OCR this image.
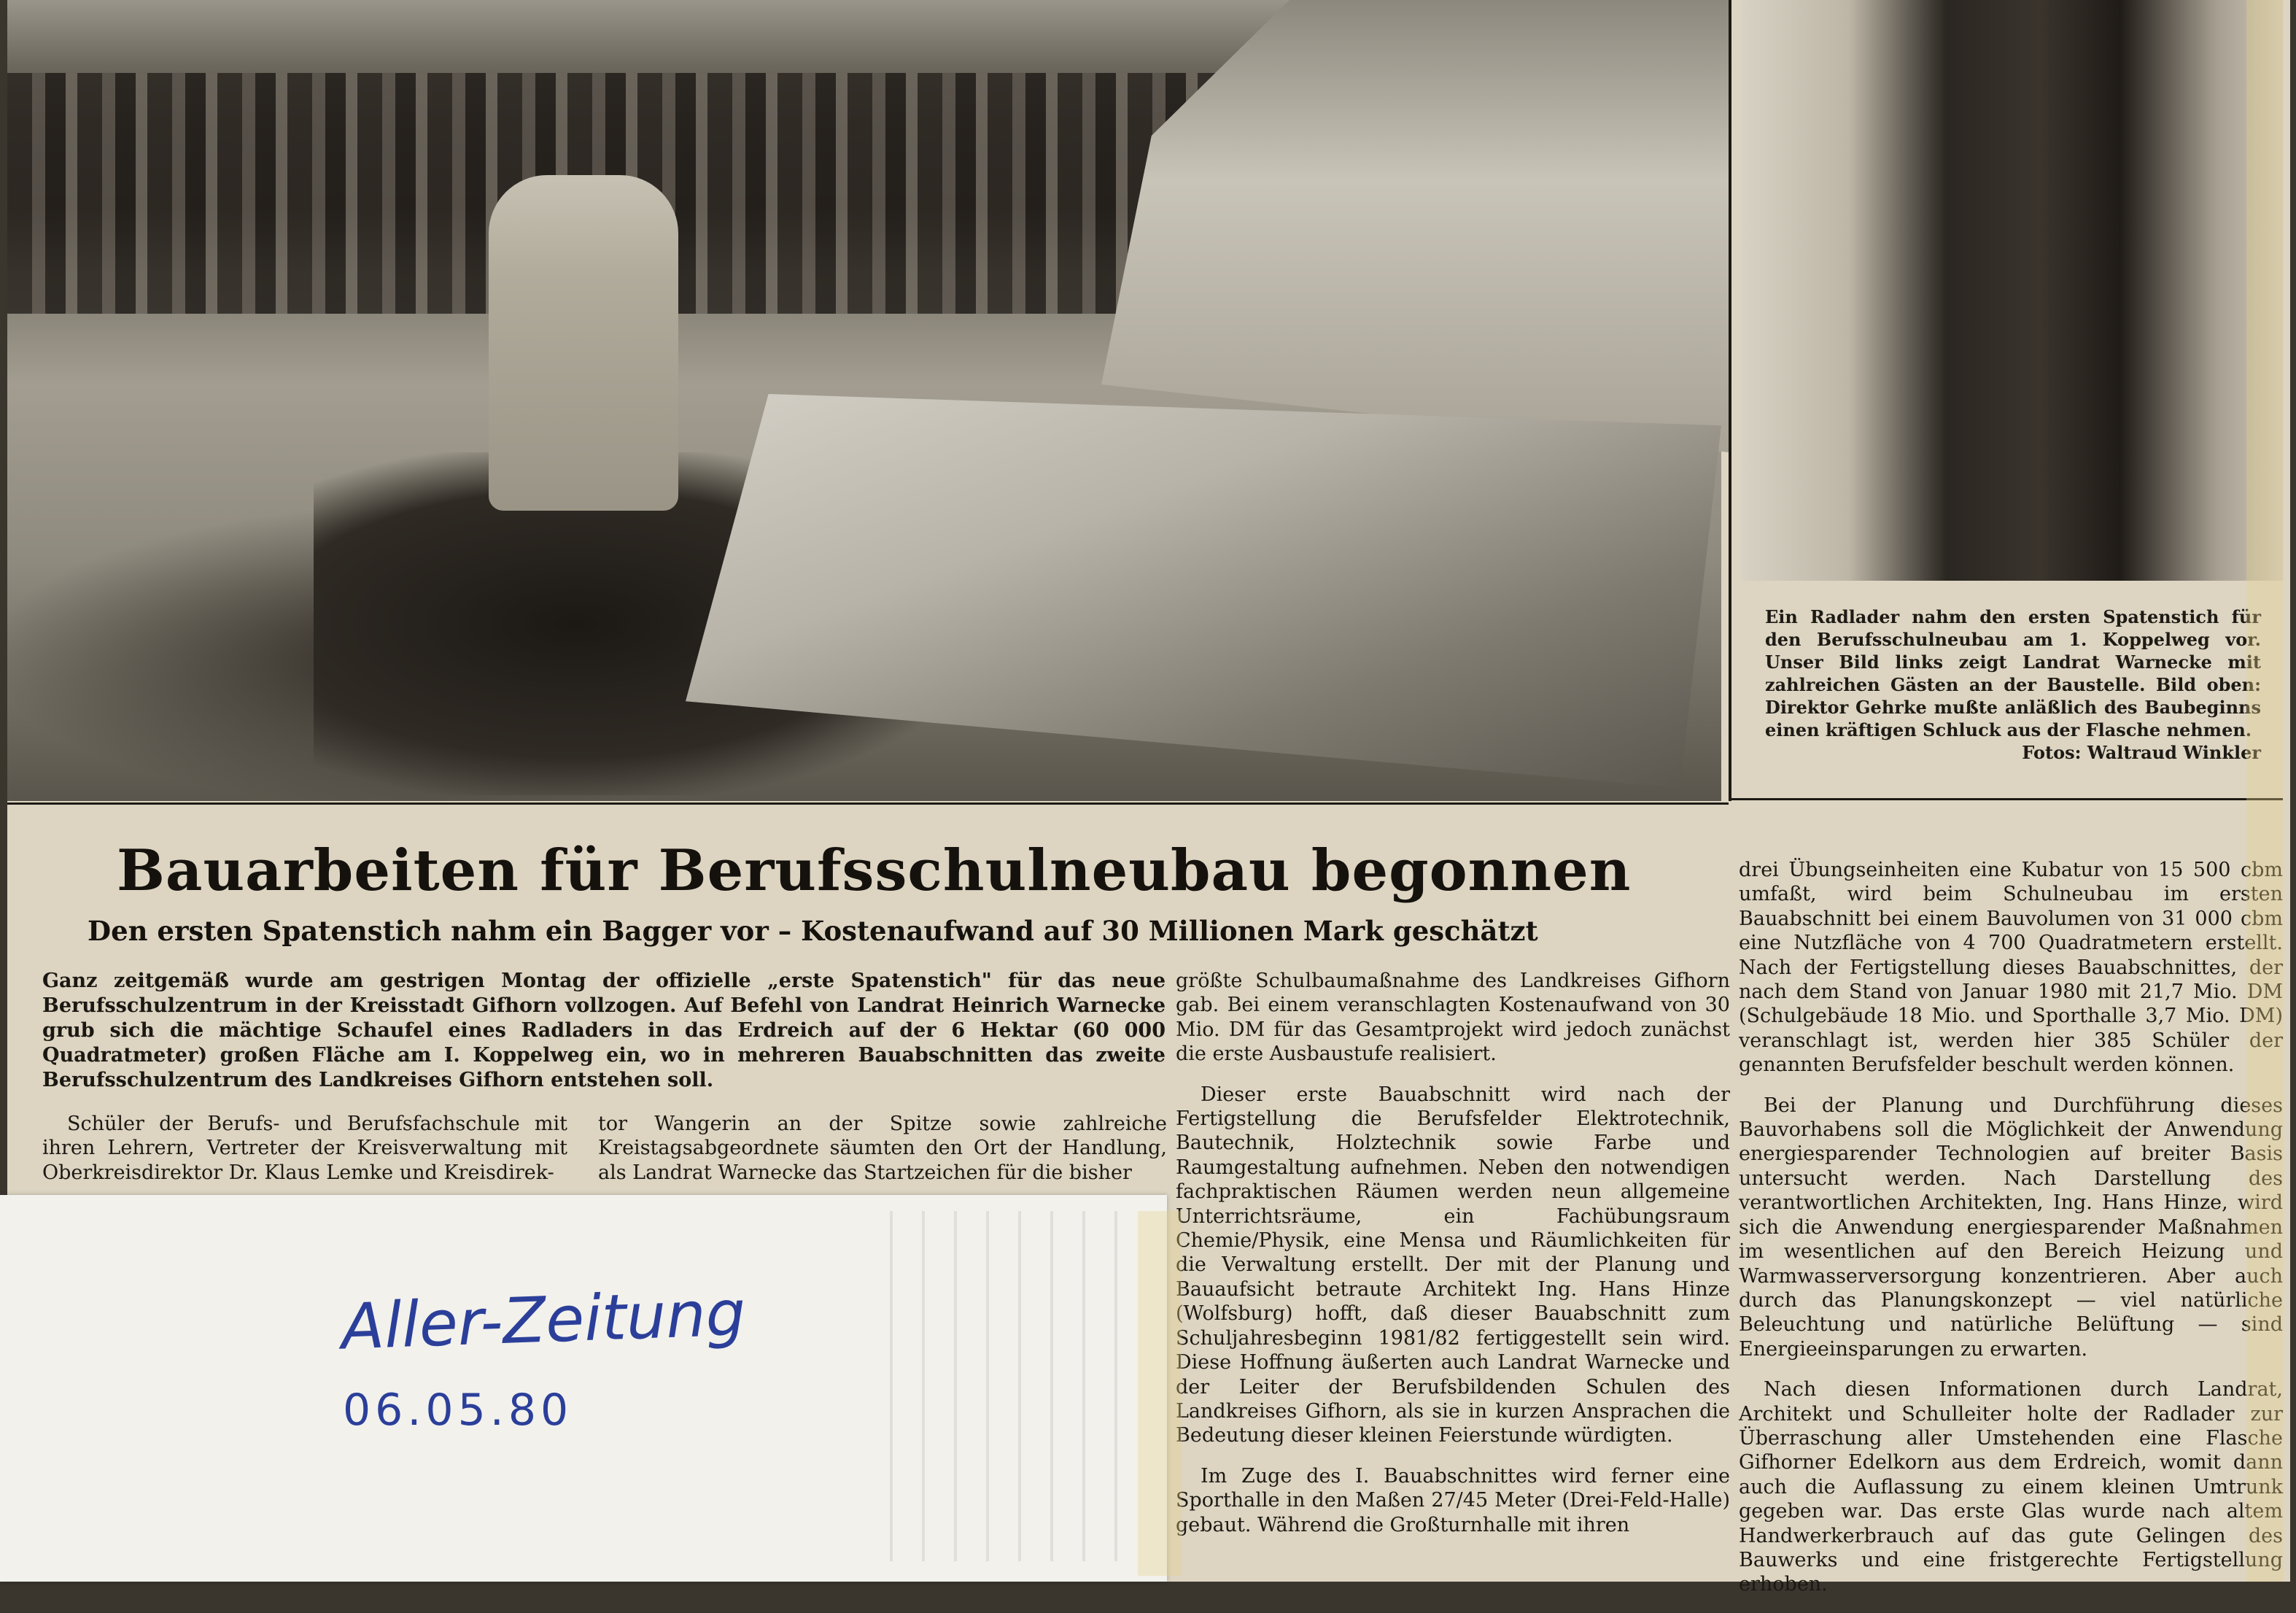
Ein Radlader nahm den ersten Spatenstich für den Berufsschulneubau am 1. Koppelweg vor. Unser Bild links zeigt Landrat Warnecke mit zahlreichen Gästen an der Baustelle. Bild oben: Direktor Gehrke mußte anläßlich des Baubeginns einen kräftigen Schluck aus der Flasche nehmen.
Fotos: Waltraud Winkler
Bauarbeiten für Berufsschulneubau begonnen
Den ersten Spatenstich nahm ein Bagger vor – Kostenaufwand auf 30 Millionen Mark geschätzt
Ganz zeitgemäß wurde am gestrigen Montag der offizielle „erste Spatenstich" für das neue Berufsschulzentrum in der Kreisstadt Gifhorn vollzogen. Auf Befehl von Landrat Heinrich Warnecke grub sich die mächtige Schaufel eines Radladers in das Erdreich auf der 6 Hektar (60 000 Quadratmeter) großen Fläche am I. Koppelweg ein, wo in mehreren Bauabschnitten das zweite Berufsschulzentrum des Landkreises Gifhorn entstehen soll.

Schüler der Berufs- und Berufsfachschule mit ihren Lehrern, Vertreter der Kreisverwaltung mit Oberkreisdirektor Dr. Klaus Lemke und Kreisdirek-

tor Wangerin an der Spitze sowie zahlreiche Kreistagsabgeordnete säumten den Ort der Handlung, als Landrat Warnecke das Startzeichen für die bisher

größte Schulbaumaßnahme des Landkreises Gifhorn gab. Bei einem veranschlagten Kostenaufwand von 30 Mio. DM für das Gesamtprojekt wird jedoch zunächst die erste Ausbaustufe realisiert.

Dieser erste Bauabschnitt wird nach der Fertigstellung die Berufsfelder Elektrotechnik, Bautechnik, Holztechnik sowie Farbe und Raumgestaltung aufnehmen. Neben den notwendigen fachpraktischen Räumen werden neun allgemeine Unterrichtsräume, ein Fachübungsraum Chemie/Physik, eine Mensa und Räumlichkeiten für die Verwaltung erstellt. Der mit der Planung und Bauaufsicht betraute Architekt Ing. Hans Hinze (Wolfsburg) hofft, daß dieser Bauabschnitt zum Schuljahresbeginn 1981/82 fertiggestellt sein wird. Diese Hoffnung äußerten auch Landrat Warnecke und der Leiter der Berufsbildenden Schulen des Landkreises Gifhorn, als sie in kurzen Ansprachen die Bedeutung dieser kleinen Feierstunde würdigten.

Im Zuge des I. Bauabschnittes wird ferner eine Sporthalle in den Maßen 27/45 Meter (Drei-Feld-Halle) gebaut. Während die Großturnhalle mit ihren

drei Übungseinheiten eine Kubatur von 15 500 cbm umfaßt, wird beim Schulneubau im ersten Bauabschnitt bei einem Bauvolumen von 31 000 cbm eine Nutzfläche von 4 700 Quadratmetern erstellt. Nach der Fertigstellung dieses Bauabschnittes, der nach dem Stand von Januar 1980 mit 21,7 Mio. DM (Schulgebäude 18 Mio. und Sporthalle 3,7 Mio. DM) veranschlagt ist, werden hier 385 Schüler der genannten Berufsfelder beschult werden können.

Bei der Planung und Durchführung dieses Bauvorhabens soll die Möglichkeit der Anwendung energiesparender Technologien auf breiter Basis untersucht werden. Nach Darstellung des verantwortlichen Architekten, Ing. Hans Hinze, wird sich die Anwendung energiesparender Maßnahmen im wesentlichen auf den Bereich Heizung und Warmwasserversorgung konzentrieren. Aber auch durch das Planungskonzept — viel natürliche Beleuchtung und natürliche Belüftung — sind Energieeinsparungen zu erwarten.

Nach diesen Informationen durch Landrat, Architekt und Schulleiter holte der Radlader zur Überraschung aller Umstehenden eine Flasche Gifhorner Edelkorn aus dem Erdreich, womit dann auch die Auflassung zu einem kleinen Umtrunk gegeben war. Das erste Glas wurde nach altem Handwerkerbrauch auf das gute Gelingen des Bauwerks und eine fristgerechte Fertigstellung erhoben.

Aller-Zeitung
06.05.80
